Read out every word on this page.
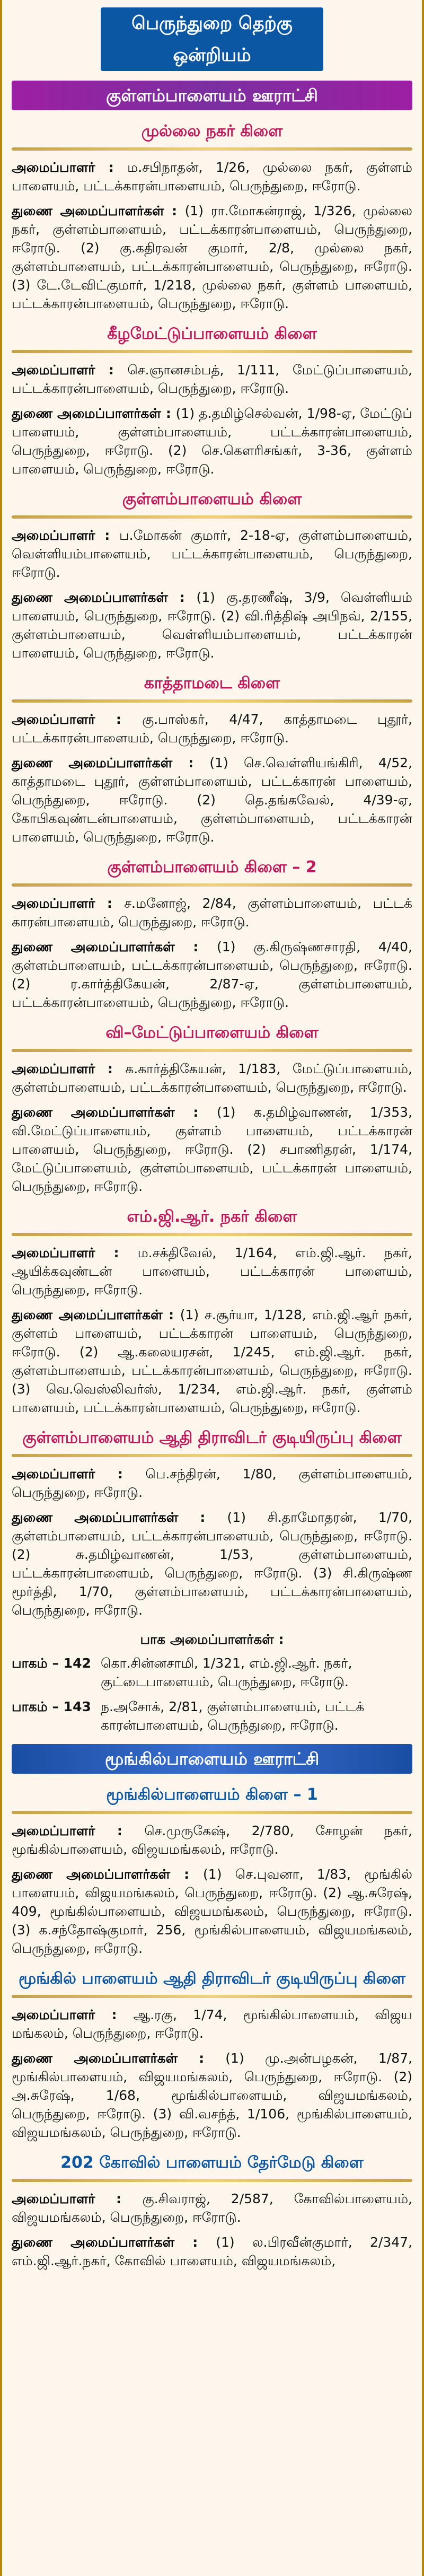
பெருந்துறை தெற்கு ஒன்றியம்
குள்ளம்பாளையம் ஊராட்சி
முல்லை நகர் கிளை
அமைப்பாளர் : ம.சபிநாதன், 1/26, முல்லை நகர், குள்ளம் பாளையம், பட்டக்காரன்பாளையம், பெருந்துறை, ஈரோடு.
துணை அமைப்பாளர்கள் : (1) ரா.மோகன்ராஜ், 1/326, முல்லை நகர், குள்ளம்பாளையம், பட்டக்காரன்பாளையம், பெருந்துறை, ஈரோடு. (2) கு.கதிரவன் குமார், 2/8, முல்லை நகர், குள்ளம்பாளையம், பட்டக்காரன்பாளையம், பெருந்துறை, ஈரோடு. (3) டே.டேவிட்குமார், 1/218, முல்லை நகர், குள்ளம் பாளையம், பட்டக்காரன்பாளையம், பெருந்துறை, ஈரோடு.
கீழமேட்டுப்பாளையம் கிளை
அமைப்பாளர் : செ.ஞானசம்பத், 1/111, மேட்டுப்பாளையம், பட்டக்காரன்பாளையம், பெருந்துறை, ஈரோடு.
துணை அமைப்பாளர்கள் : (1) த.தமிழ்செல்வன், 1/98-ஏ, மேட்டுப் பாளையம், குள்ளம்பாளையம், பட்டக்காரன்பாளையம், பெருந்துறை, ஈரோடு. (2) செ.கௌரிசங்கர், 3-36, குள்ளம் பாளையம், பெருந்துறை, ஈரோடு.
குள்ளம்பாளையம் கிளை
அமைப்பாளர் : ப.மோகன் குமார், 2-18-ஏ, குள்ளம்பாளையம், வெள்ளியம்பாளையம், பட்டக்காரன்பாளையம், பெருந்துறை, ஈரோடு.
துணை அமைப்பாளர்கள் : (1) கு.தரணீஷ், 3/9, வெள்ளியம் பாளையம், பெருந்துறை, ஈரோடு. (2) வி.ரித்திஷ் அபிநவ், 2/155, குள்ளம்பாளையம், வெள்ளியம்பாளையம், பட்டக்காரன் பாளையம், பெருந்துறை, ஈரோடு.
காத்தாமடை கிளை
அமைப்பாளர் : கு.பாஸ்கர், 4/47, காத்தாமடை புதூர், பட்டக்காரன்பாளையம், பெருந்துறை, ஈரோடு.
துணை அமைப்பாளர்கள் : (1) செ.வெள்ளியங்கிரி, 4/52, காத்தாமடை புதூர், குள்ளம்பாளையம், பட்டக்காரன் பாளையம், பெருந்துறை, ஈரோடு. (2) தெ.தங்கவேல், 4/39-ஏ, கோபிகவுண்டன்பாளையம், குள்ளம்பாளையம், பட்டக்காரன் பாளையம், பெருந்துறை, ஈரோடு.
குள்ளம்பாளையம் கிளை – 2
அமைப்பாளர் : ச.மனோஜ், 2/84, குள்ளம்பாளையம், பட்டக் காரன்பாளையம், பெருந்துறை, ஈரோடு.
துணை அமைப்பாளர்கள் : (1) கு.கிருஷ்ணசாரதி, 4/40, குள்ளம்பாளையம், பட்டக்காரன்பாளையம், பெருந்துறை, ஈரோடு. (2) ர.கார்த்திகேயன், 2/87-ஏ, குள்ளம்பாளையம், பட்டக்காரன்பாளையம், பெருந்துறை, ஈரோடு.
வி–மேட்டுப்பாளையம் கிளை
அமைப்பாளர் : க.கார்த்திகேயன், 1/183, மேட்டுப்பாளையம், குள்ளம்பாளையம், பட்டக்காரன்பாளையம், பெருந்துறை, ஈரோடு.
துணை அமைப்பாளர்கள் : (1) க.தமிழ்வாணன், 1/353, வி.மேட்டுப்பாளையம், குள்ளம் பாளையம், பட்டக்காரன் பாளையம், பெருந்துறை, ஈரோடு. (2) சபாணிதரன், 1/174, மேட்டுப்பாளையம், குள்ளம்பாளையம், பட்டக்காரன் பாளையம், பெருந்துறை, ஈரோடு.
எம்.ஜி.ஆர். நகர் கிளை
அமைப்பாளர் : ம.சக்திவேல், 1/164, எம்.ஜி.ஆர். நகர், ஆயிக்கவுண்டன் பாளையம், பட்டக்காரன் பாளையம், பெருந்துறை, ஈரோடு.
துணை அமைப்பாளர்கள் : (1) ச.சூர்யா, 1/128, எம்.ஜி.ஆர் நகர், குள்ளம் பாளையம், பட்டக்காரன் பாளையம், பெருந்துறை, ஈரோடு. (2) ஆ.கலையரசன், 1/245, எம்.ஜி.ஆர். நகர், குள்ளம்பாளையம், பட்டக்காரன்பாளையம், பெருந்துறை, ஈரோடு. (3) வெ.வெஸ்லிவர்ஸ், 1/234, எம்.ஜி.ஆர். நகர், குள்ளம் பாளையம், பட்டக்காரன்பாளையம், பெருந்துறை, ஈரோடு.
குள்ளம்பாளையம் ஆதி திராவிடர் குடியிருப்பு கிளை
அமைப்பாளர் : பெ.சந்திரன், 1/80, குள்ளம்பாளையம், பெருந்துறை, ஈரோடு.
துணை அமைப்பாளர்கள் : (1) சி.தாமோதரன், 1/70, குள்ளம்பாளையம், பட்டக்காரன்பாளையம், பெருந்துறை, ஈரோடு. (2) சு.தமிழ்வாணன், 1/53, குள்ளம்பாளையம், பட்டக்காரன்பாளையம், பெருந்துறை, ஈரோடு. (3) சி.கிருஷ்ண மூர்த்தி, 1/70, குள்ளம்பாளையம், பட்டக்காரன்பாளையம், பெருந்துறை, ஈரோடு.
பாக அமைப்பாளர்கள் :
பாகம் – 142 கொ.சின்னசாமி, 1/321, எம்.ஜி.ஆர். நகர், குட்டைபாளையம், பெருந்துறை, ஈரோடு.
பாகம் – 143 ந.அசோக், 2/81, குள்ளம்பாளையம், பட்டக் காரன்பாளையம், பெருந்துறை, ஈரோடு.
மூங்கில்பாளையம் ஊராட்சி
மூங்கில்பாளையம் கிளை – 1
அமைப்பாளர் : செ.முருகேஷ், 2/780, சோழன் நகர், மூங்கில்பாளையம், விஜயமங்கலம், ஈரோடு.
துணை அமைப்பாளர்கள் : (1) செ.புவனா, 1/83, மூங்கில் பாளையம், விஜயமங்கலம், பெருந்துறை, ஈரோடு. (2) ஆ.சுரேஷ், 409, மூங்கில்பாளையம், விஜயமங்கலம், பெருந்துறை, ஈரோடு. (3) க.சந்தோஷ்குமார், 256, மூங்கில்பாளையம், விஜயமங்கலம், பெருந்துறை, ஈரோடு.
மூங்கில் பாளையம் ஆதி திராவிடர் குடியிருப்பு கிளை
அமைப்பாளர் : ஆ.ரகு, 1/74, மூங்கில்பாளையம், விஜய மங்கலம், பெருந்துறை, ஈரோடு.
துணை அமைப்பாளர்கள் : (1) மு.அன்பழகன், 1/87, மூங்கில்பாளையம், விஜயமங்கலம், பெருந்துறை, ஈரோடு. (2) அ.சுரேஷ், 1/68, மூங்கில்பாளையம், விஜயமங்கலம், பெருந்துறை, ஈரோடு. (3) வி.வசந்த், 1/106, மூங்கில்பாளையம், விஜயமங்கலம், பெருந்துறை, ஈரோடு.
202 கோவில் பாளையம் தேர்மேடு கிளை
அமைப்பாளர் : கு.சிவராஜ், 2/587, கோவில்பாளையம், விஜயமங்கலம், பெருந்துறை, ஈரோடு.
துணை அமைப்பாளர்கள் : (1) ல.பிரவீன்குமார், 2/347, எம்.ஜி.ஆர்.நகர், கோவில் பாளையம், விஜயமங்கலம்,
